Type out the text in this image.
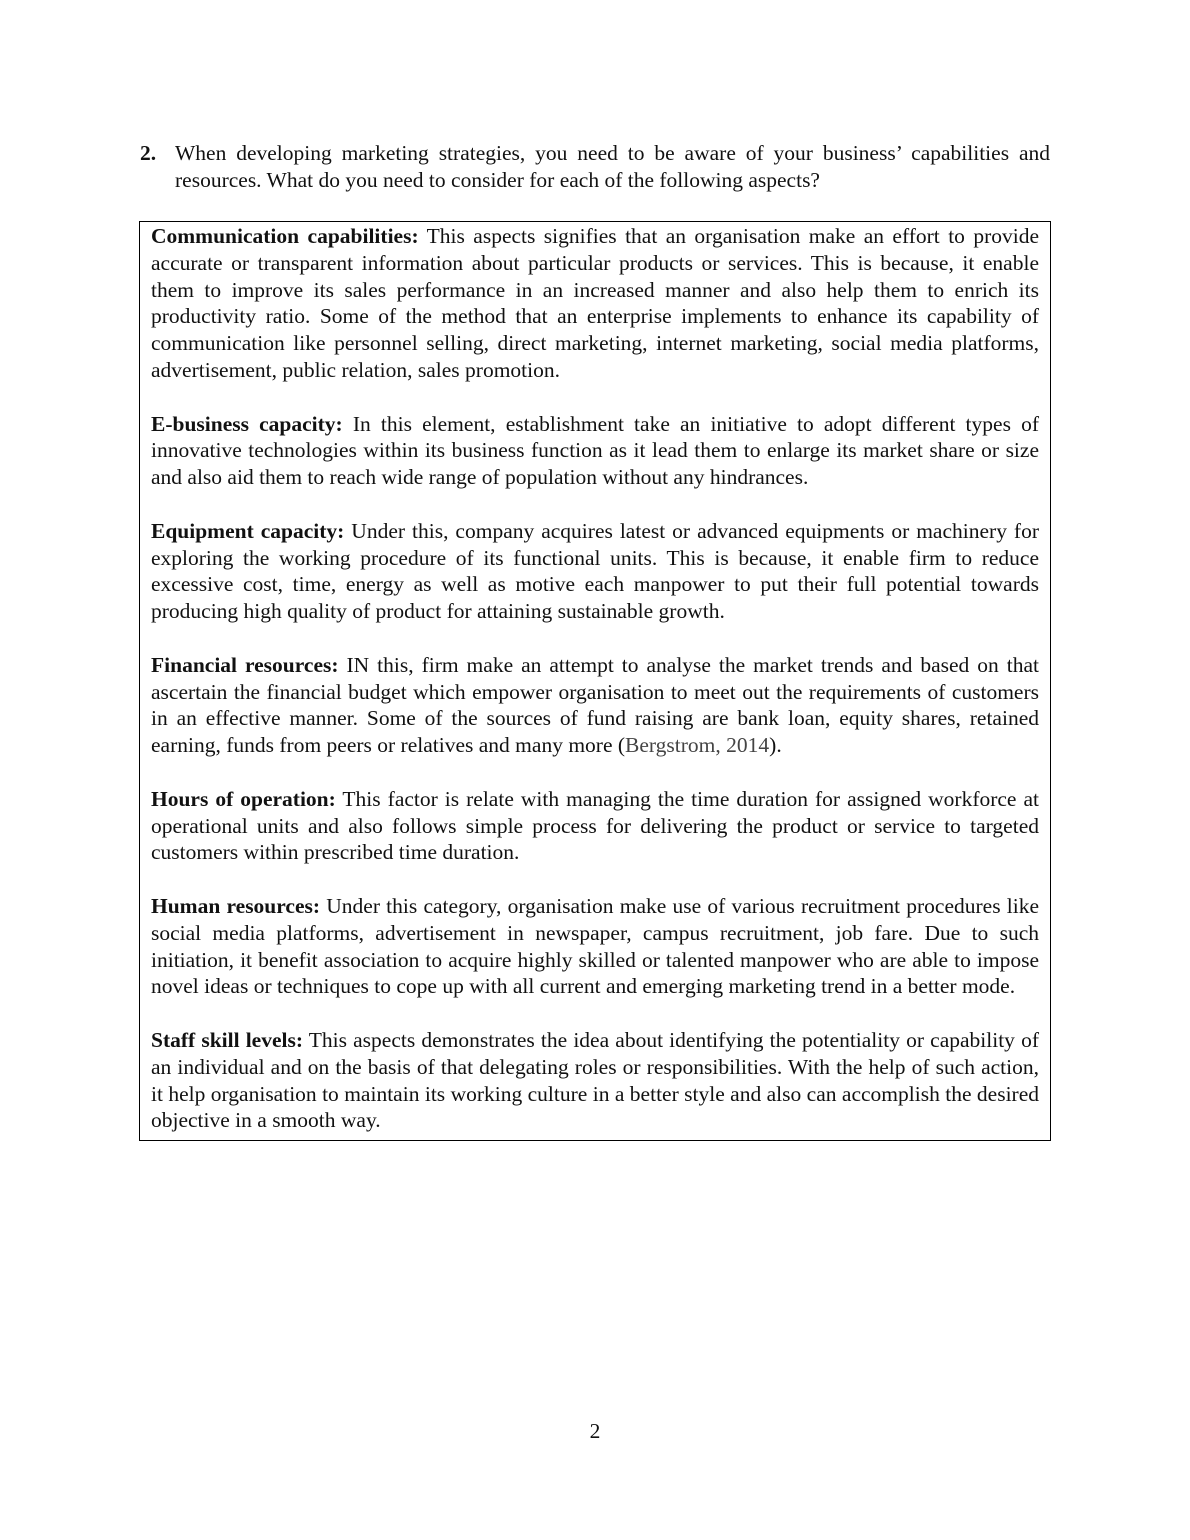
2. When developing marketing strategies, you need to be aware of your business’ capabilities and resources. What do you need to consider for each of the following aspects?

Communication capabilities: This aspects signifies that an organisation make an effort to provide accurate or transparent information about particular products or services. This is because, it enable them to improve its sales performance in an increased manner and also help them to enrich its productivity ratio. Some of the method that an enterprise implements to enhance its capability of communication like personnel selling, direct marketing, internet marketing, social media platforms, advertisement, public relation, sales promotion.

E-business capacity: In this element, establishment take an initiative to adopt different types of innovative technologies within its business function as it lead them to enlarge its market share or size and also aid them to reach wide range of population without any hindrances.

Equipment capacity: Under this, company acquires latest or advanced equipments or machinery for exploring the working procedure of its functional units. This is because, it enable firm to reduce excessive cost, time, energy as well as motive each manpower to put their full potential towards producing high quality of product for attaining sustainable growth.

Financial resources: IN this, firm make an attempt to analyse the market trends and based on that ascertain the financial budget which empower organisation to meet out the requirements of customers in an effective manner. Some of the sources of fund raising are bank loan, equity shares, retained earning, funds from peers or relatives and many more (Bergstrom, 2014).

Hours of operation: This factor is relate with managing the time duration for assigned workforce at operational units and also follows simple process for delivering the product or service to targeted customers within prescribed time duration.

Human resources: Under this category, organisation make use of various recruitment procedures like social media platforms, advertisement in newspaper, campus recruitment, job fare. Due to such initiation, it benefit association to acquire highly skilled or talented manpower who are able to impose novel ideas or techniques to cope up with all current and emerging marketing trend in a better mode.

Staff skill levels: This aspects demonstrates the idea about identifying the potentiality or capability of an individual and on the basis of that delegating roles or responsibilities. With the help of such action, it help organisation to maintain its working culture in a better style and also can accomplish the desired objective in a smooth way.

2
